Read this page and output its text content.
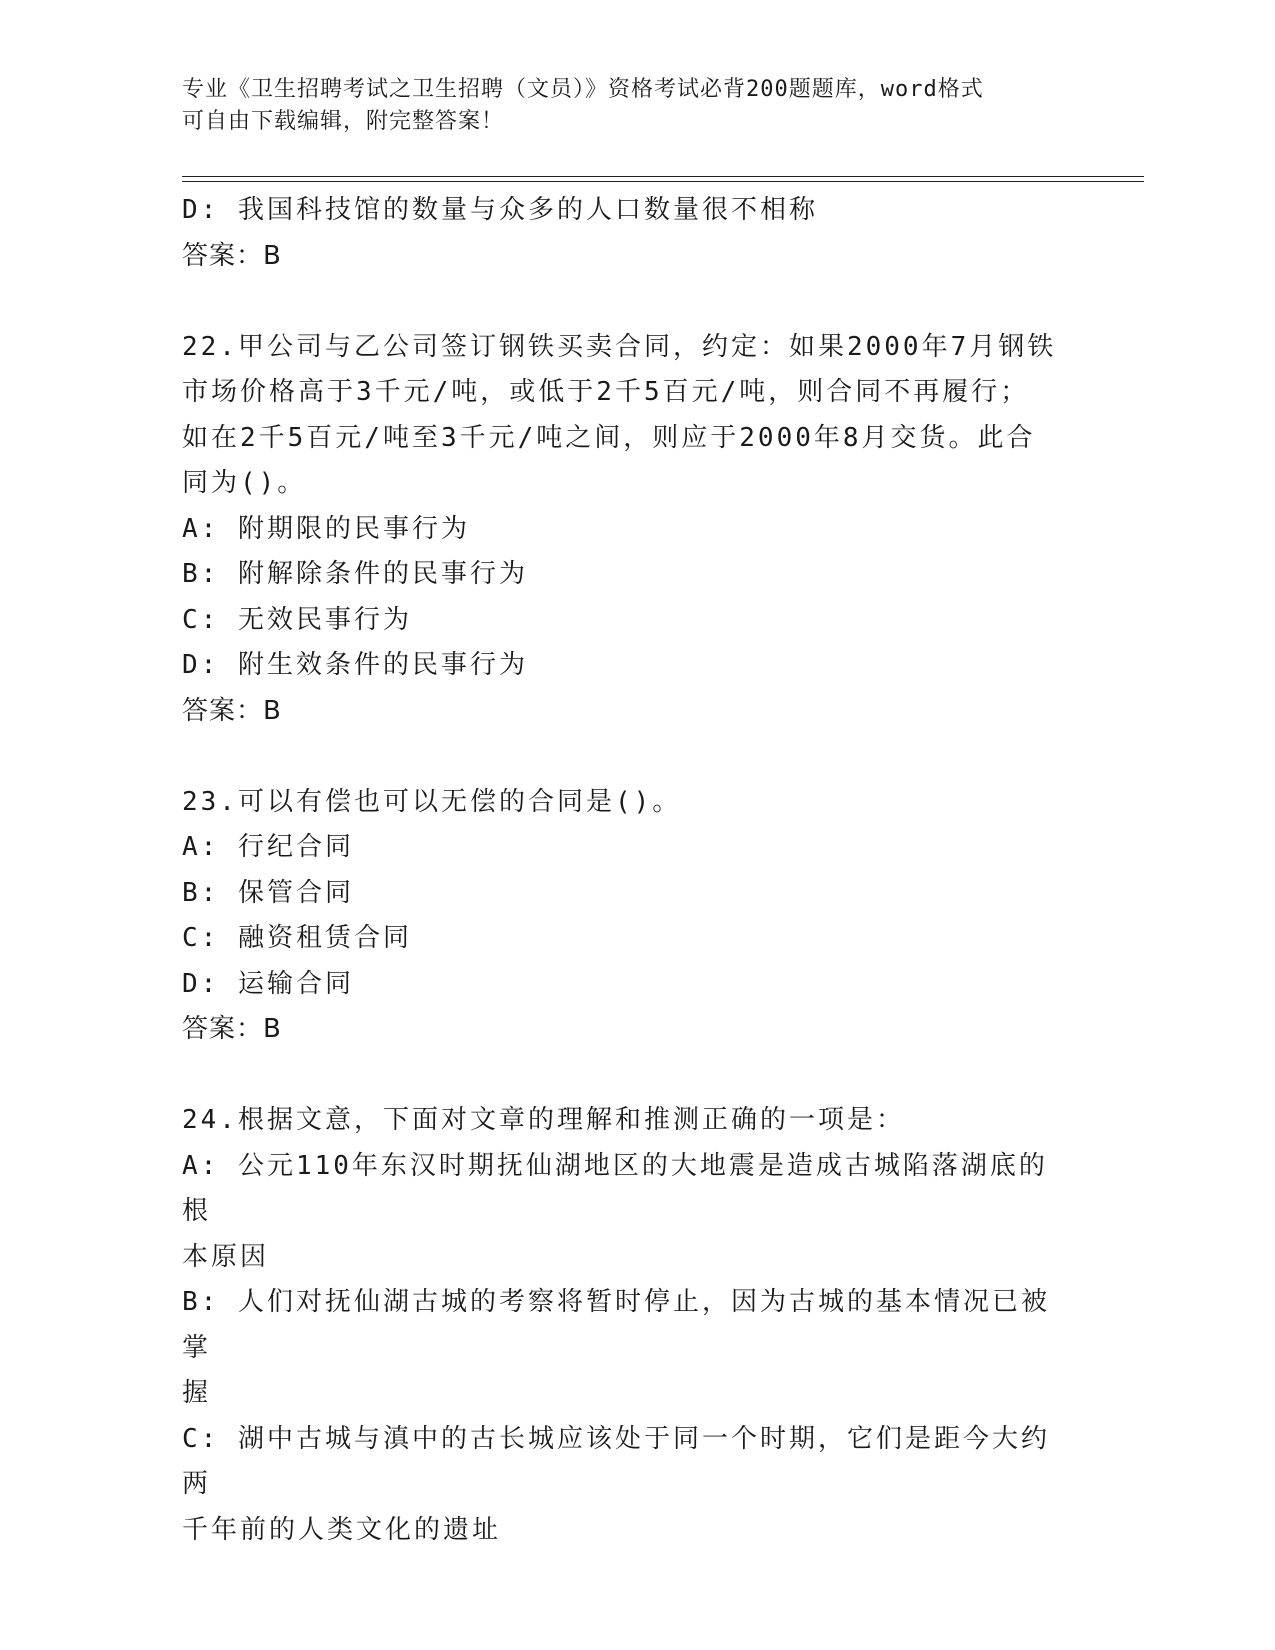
专业《卫生招聘考试之卫生招聘（文员）》资格考试必背200题题库，word格式
可自由下载编辑，附完整答案！
D: 我国科技馆的数量与众多的人口数量很不相称
答案：B
22.甲公司与乙公司签订钢铁买卖合同，约定：如果2000年7月钢铁
市场价格高于3千元/吨，或低于2千5百元/吨，则合同不再履行；
如在2千5百元/吨至3千元/吨之间，则应于2000年8月交货。此合
同为()。
A: 附期限的民事行为
B: 附解除条件的民事行为
C: 无效民事行为
D: 附生效条件的民事行为
答案：B
23.可以有偿也可以无偿的合同是()。
A: 行纪合同
B: 保管合同
C: 融资租赁合同
D: 运输合同
答案：B
24.根据文意，下面对文章的理解和推测正确的一项是：
A: 公元110年东汉时期抚仙湖地区的大地震是造成古城陷落湖底的根
本原因
B: 人们对抚仙湖古城的考察将暂时停止，因为古城的基本情况已被掌
握
C: 湖中古城与滇中的古长城应该处于同一个时期，它们是距今大约两
千年前的人类文化的遗址
